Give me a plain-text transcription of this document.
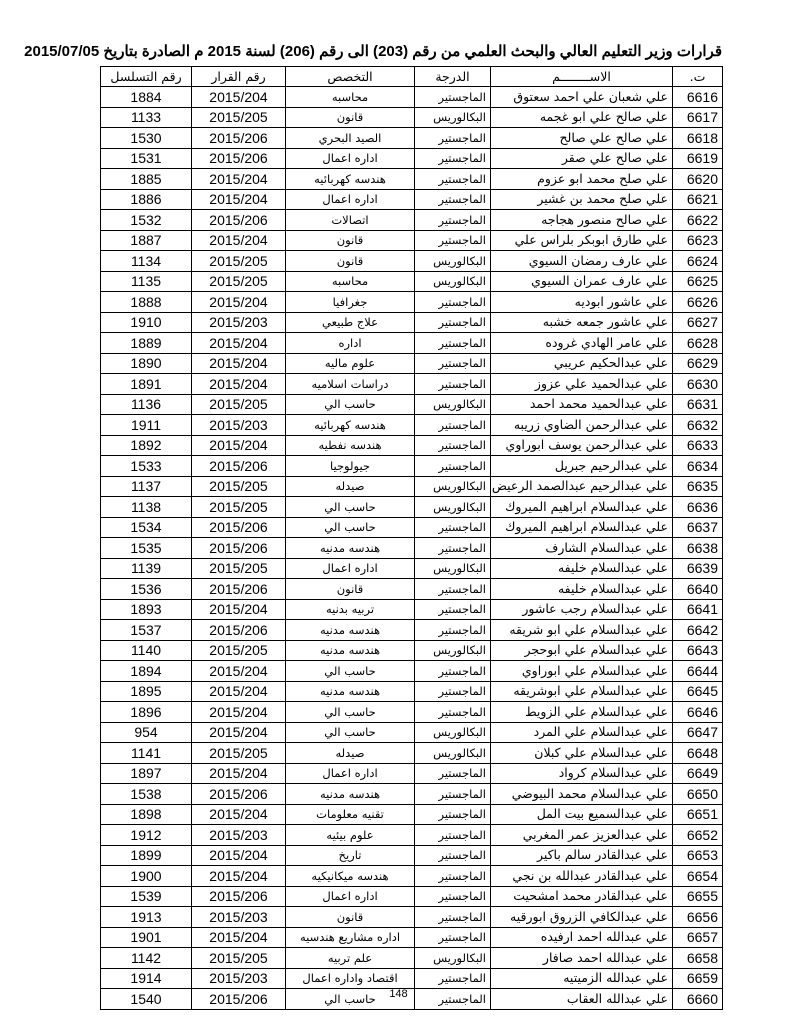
قرارات وزير التعليم العالي والبحث العلمي من رقم (203) الى رقم (206) لسنة 2015 م الصادرة بتاريخ 2015/07/05
ت.	الاســــــــم	الدرجة	التخصص	رقم القرار	رقم التسلسل
6616	علي شعبان علي احمد سعتوق	الماجستير	محاسبه	2015/204	1884
6617	علي صالح علي ابو غجمه	البكالوريس	قانون	2015/205	1133
6618	علي صالح علي صالح	الماجستير	الصيد البحري	2015/206	1530
6619	علي صالح علي صقر	الماجستير	اداره اعمال	2015/206	1531
6620	علي صلح محمد ابو عزوم	الماجستير	هندسه كهربائيه	2015/204	1885
6621	علي صلح محمد بن غشير	الماجستير	اداره اعمال	2015/204	1886
6622	علي صالح منصور هجاجه	الماجستير	اتصالات	2015/206	1532
6623	علي طارق ابوبكر بلراس علي	الماجستير	قانون	2015/204	1887
6624	علي عارف رمضان السيوي	البكالوريس	قانون	2015/205	1134
6625	علي عارف عمران السيوي	البكالوريس	محاسبه	2015/205	1135
6626	علي عاشور ابوديه	الماجستير	جغرافيا	2015/204	1888
6627	علي عاشور جمعه خشبه	الماجستير	علاج طبيعي	2015/203	1910
6628	علي عامر الهادي غروده	الماجستير	اداره	2015/204	1889
6629	علي عبدالحكيم عريبي	الماجستير	علوم ماليه	2015/204	1890
6630	علي عبدالحميد علي عزوز	الماجستير	دراسات اسلاميه	2015/204	1891
6631	علي عبدالحميد محمد احمد	البكالوريس	حاسب الي	2015/205	1136
6632	علي عبدالرحمن الضاوي زريبه	الماجستير	هندسه كهربائيه	2015/203	1911
6633	علي عبدالرحمن يوسف ابوراوي	الماجستير	هندسه نفطيه	2015/204	1892
6634	علي عبدالرحيم جبريل	الماجستير	جيولوجيا	2015/206	1533
6635	علي عبدالرحيم عبدالصمد الرعيض	البكالوريس	صيدله	2015/205	1137
6636	علي عبدالسلام ابراهيم الميروك	البكالوريس	حاسب الي	2015/205	1138
6637	علي عبدالسلام ابراهيم الميروك	الماجستير	حاسب الي	2015/206	1534
6638	علي عبدالسلام الشارف	الماجستير	هندسه مدنيه	2015/206	1535
6639	علي عبدالسلام خليفه	البكالوريس	اداره اعمال	2015/205	1139
6640	علي عبدالسلام خليفه	الماجستير	قانون	2015/206	1536
6641	علي عبدالسلام رجب عاشور	الماجستير	تربيه بدنيه	2015/204	1893
6642	علي عبدالسلام علي ابو شريقه	الماجستير	هندسه مدنيه	2015/206	1537
6643	علي عبدالسلام علي ابوحجر	البكالوريس	هندسه مدنيه	2015/205	1140
6644	علي عبدالسلام علي ابوراوي	الماجستير	حاسب الي	2015/204	1894
6645	علي عبدالسلام علي ابوشريقه	الماجستير	هندسه مدنيه	2015/204	1895
6646	علي عبدالسلام علي الزويط	الماجستير	حاسب الي	2015/204	1896
6647	علي عبدالسلام علي المرد	البكالوريس	حاسب الي	2015/204	954
6648	علي عبدالسلام علي كبلان	البكالوريس	صيدله	2015/205	1141
6649	علي عبدالسلام كرواد	الماجستير	اداره اعمال	2015/204	1897
6650	علي عبدالسلام محمد البيوضي	الماجستير	هندسه مدنيه	2015/206	1538
6651	علي عبدالسميع بيت المل	الماجستير	تقنيه معلومات	2015/204	1898
6652	علي عبدالعزيز عمر المغربي	الماجستير	علوم بيئيه	2015/203	1912
6653	علي عبدالقادر سالم باكير	الماجستير	تاريخ	2015/204	1899
6654	علي عبدالقادر عبدالله بن نجي	الماجستير	هندسه ميكانيكيه	2015/204	1900
6655	علي عبدالقادر محمد امشحيت	الماجستير	اداره اعمال	2015/206	1539
6656	علي عبدالكافي الزروق ابورقيه	الماجستير	قانون	2015/203	1913
6657	علي عبدالله احمد ارفيده	الماجستير	اداره مشاريع هندسيه	2015/204	1901
6658	علي عبدالله احمد صافار	البكالوريس	علم تربيه	2015/205	1142
6659	علي عبدالله الزميتيه	الماجستير	اقتصاد واداره اعمال	2015/203	1914
6660	علي عبدالله العقاب	الماجستير	حاسب الي	2015/206	1540	148
